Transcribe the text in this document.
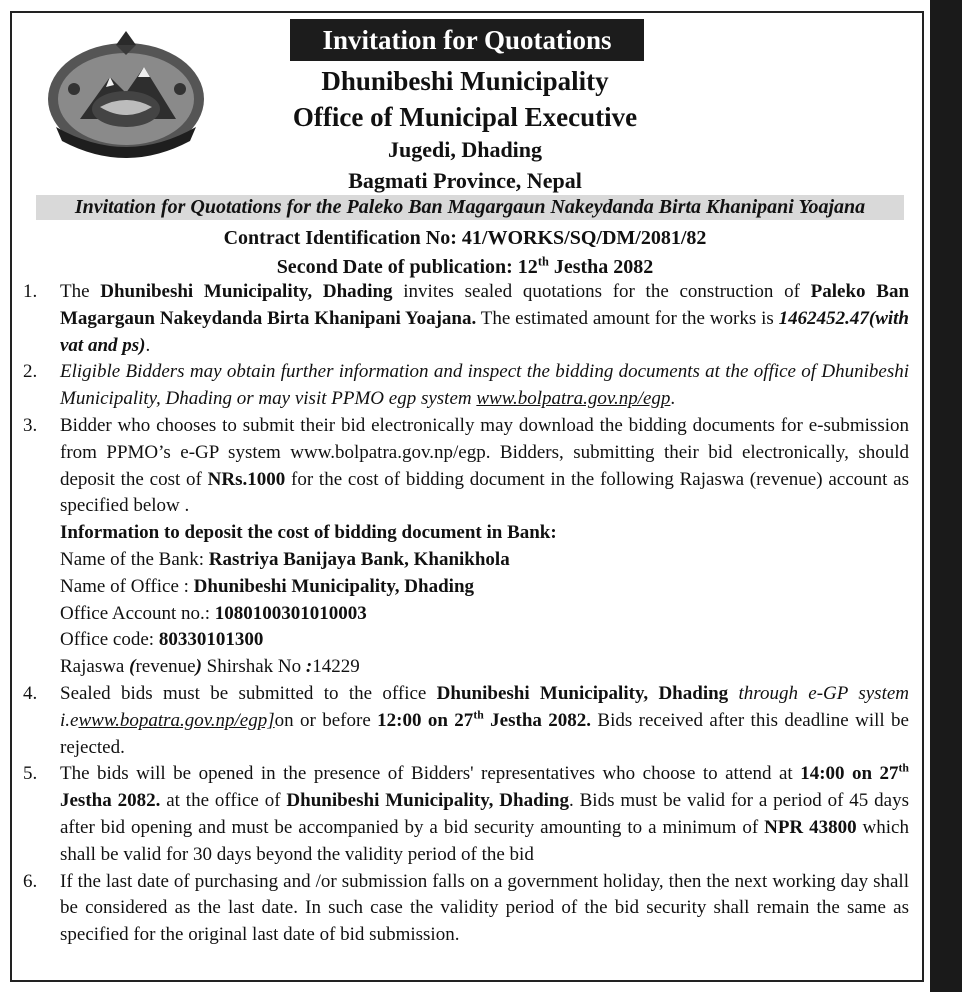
Invitation for Quotations
Dhunibeshi Municipality
Office of Municipal Executive
Jugedi, Dhading
Bagmati Province, Nepal
Invitation for Quotations for the Paleko Ban Magargaun Nakeydanda Birta Khanipani Yoajana
Contract Identification No: 41/WORKS/SQ/DM/2081/82
Second Date of publication: 12th Jestha 2082
1. The Dhunibeshi Municipality, Dhading invites sealed quotations for the construction of Paleko Ban Magargaun Nakeydanda Birta Khanipani Yoajana. The estimated amount for the works is 1462452.47(with vat and ps).
2. Eligible Bidders may obtain further information and inspect the bidding documents at the office of Dhunibeshi Municipality, Dhading or may visit PPMO egp system www.bolpatra.gov.np/egp.
3. Bidder who chooses to submit their bid electronically may download the bidding documents for e-submission from PPMO’s e-GP system www.bolpatra.gov.np/egp. Bidders, submitting their bid electronically, should deposit the cost of NRs.1000 for the cost of bidding document in the following Rajaswa (revenue) account as specified below .
Information to deposit the cost of bidding document in Bank:
Name of the Bank: Rastriya Banijaya Bank, Khanikhola
Name of Office : Dhunibeshi Municipality, Dhading
Office Account no.: 1080100301010003
Office code: 80330101300
Rajaswa (revenue) Shirshak No :14229
4. Sealed bids must be submitted to the office Dhunibeshi Municipality, Dhading through e-GP system i.ewww.bopatra.gov.np/egp]on or before 12:00 on 27th Jestha 2082. Bids received after this deadline will be rejected.
5. The bids will be opened in the presence of Bidders' representatives who choose to attend at 14:00 on 27th Jestha 2082. at the office of Dhunibeshi Municipality, Dhading. Bids must be valid for a period of 45 days after bid opening and must be accompanied by a bid security amounting to a minimum of NPR 43800 which shall be valid for 30 days beyond the validity period of the bid
6. If the last date of purchasing and /or submission falls on a government holiday, then the next working day shall be considered as the last date. In such case the validity period of the bid security shall remain the same as specified for the original last date of bid submission.
